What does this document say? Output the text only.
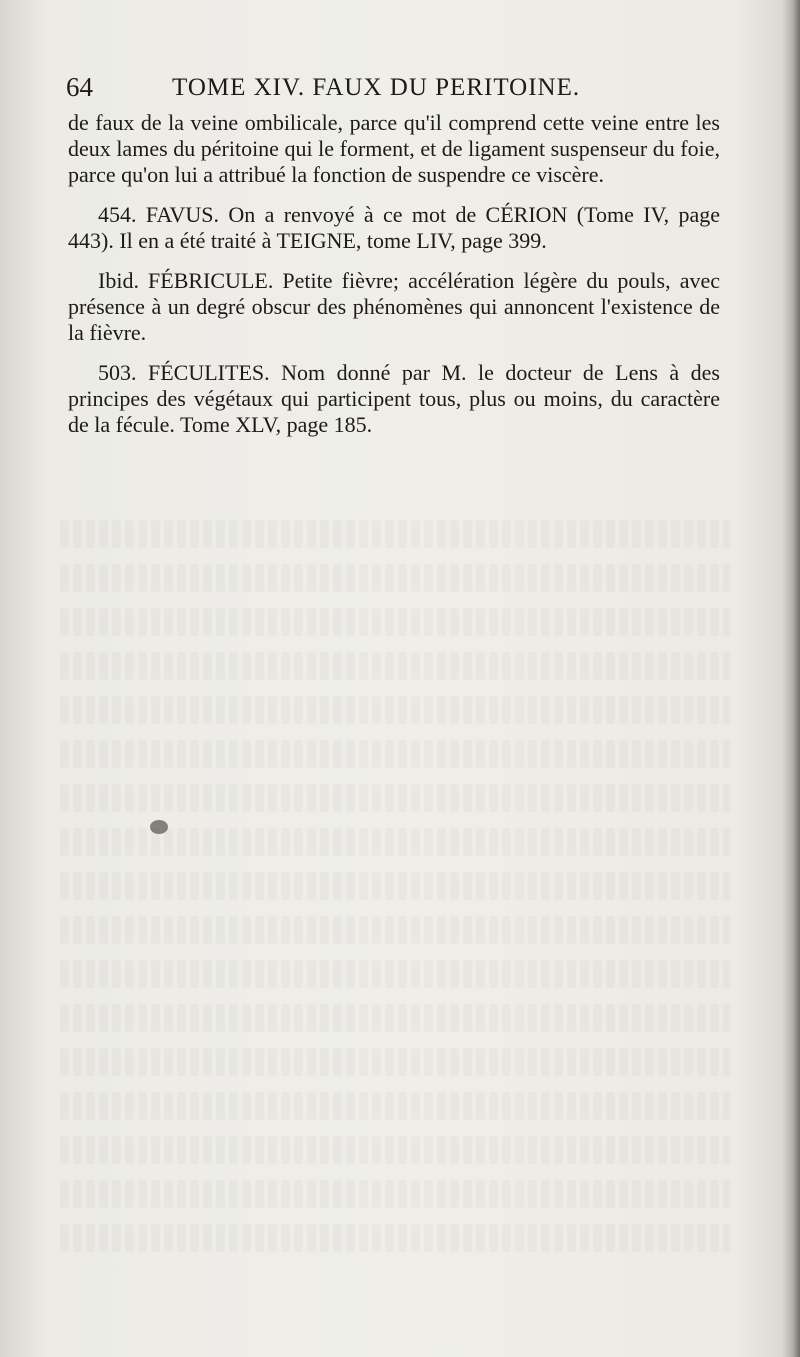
64	TOME XIV. FAUX DU PERITOINE.

de faux de la veine ombilicale, parce qu'il comprend cette veine entre les deux lames du péritoine qui le forment, et de ligament suspenseur du foie, parce qu'on lui a attribué la fonction de suspendre ce viscère.

454. FAVUS. On a renvoyé à ce mot de CÉRION (Tome IV, page 443). Il en a été traité à TEIGNE, tome LIV, page 399.

Ibid. FÉBRICULE. Petite fièvre; accélération légère du pouls, avec présence à un degré obscur des phénomènes qui annoncent l'existence de la fièvre.

503. FÉCULITES. Nom donné par M. le docteur de Lens à des principes des végétaux qui participent tous, plus ou moins, du caractère de la fécule. Tome XLV, page 185.
